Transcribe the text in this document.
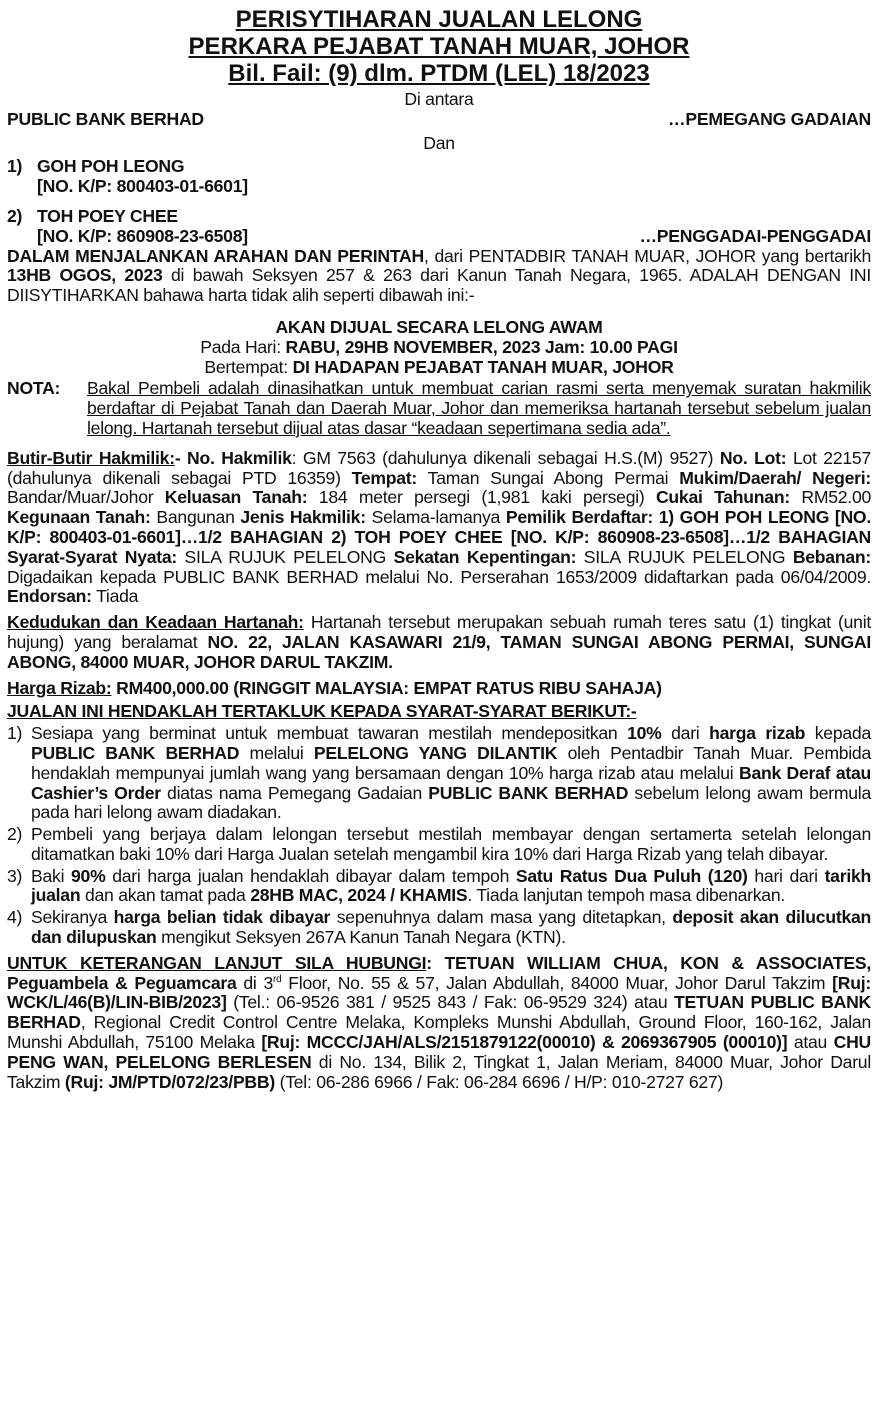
PERISYTIHARAN JUALAN LELONG
PERKARA PEJABAT TANAH MUAR, JOHOR
Bil. Fail: (9) dlm. PTDM (LEL) 18/2023
Di antara
PUBLIC BANK BERHAD	…PEMEGANG GADAIAN
Dan
1) GOH POH LEONG
[NO. K/P: 800403-01-6601]
2) TOH POEY CHEE
[NO. K/P: 860908-23-6508]	…PENGGADAI-PENGGADAI
DALAM MENJALANKAN ARAHAN DAN PERINTAH, dari PENTADBIR TANAH MUAR, JOHOR yang bertarikh 13HB OGOS, 2023 di bawah Seksyen 257 & 263 dari Kanun Tanah Negara, 1965. ADALAH DENGAN INI DIISYTIHARKAN bahawa harta tidak alih seperti dibawah ini:-
AKAN DIJUAL SECARA LELONG AWAM
Pada Hari: RABU, 29HB NOVEMBER, 2023 Jam: 10.00 PAGI
Bertempat: DI HADAPAN PEJABAT TANAH MUAR, JOHOR
NOTA:	Bakal Pembeli adalah dinasihatkan untuk membuat carian rasmi serta menyemak suratan hakmilik berdaftar di Pejabat Tanah dan Daerah Muar, Johor dan memeriksa hartanah tersebut sebelum jualan lelong. Hartanah tersebut dijual atas dasar “keadaan sepertimana sedia ada”.
Butir-Butir Hakmilik:- No. Hakmilik: GM 7563 (dahulunya dikenali sebagai H.S.(M) 9527) No. Lot: Lot 22157 (dahulunya dikenali sebagai PTD 16359) Tempat: Taman Sungai Abong Permai Mukim/Daerah/ Negeri: Bandar/Muar/Johor Keluasan Tanah: 184 meter persegi (1,981 kaki persegi) Cukai Tahunan: RM52.00 Kegunaan Tanah: Bangunan Jenis Hakmilik: Selama-lamanya Pemilik Berdaftar: 1) GOH POH LEONG [NO. K/P: 800403-01-6601]…1/2 BAHAGIAN 2) TOH POEY CHEE [NO. K/P: 860908-23-6508]…1/2 BAHAGIAN Syarat-Syarat Nyata: SILA RUJUK PELELONG Sekatan Kepentingan: SILA RUJUK PELELONG Bebanan: Digadaikan kepada PUBLIC BANK BERHAD melalui No. Perserahan 1653/2009 didaftarkan pada 06/04/2009. Endorsan: Tiada
Kedudukan dan Keadaan Hartanah: Hartanah tersebut merupakan sebuah rumah teres satu (1) tingkat (unit hujung) yang beralamat NO. 22, JALAN KASAWARI 21/9, TAMAN SUNGAI ABONG PERMAI, SUNGAI ABONG, 84000 MUAR, JOHOR DARUL TAKZIM.
Harga Rizab: RM400,000.00 (RINGGIT MALAYSIA: EMPAT RATUS RIBU SAHAJA)
JUALAN INI HENDAKLAH TERTAKLUK KEPADA SYARAT-SYARAT BERIKUT:-
1) Sesiapa yang berminat untuk membuat tawaran mestilah mendepositkan 10% dari harga rizab kepada PUBLIC BANK BERHAD melalui PELELONG YANG DILANTIK oleh Pentadbir Tanah Muar. Pembida hendaklah mempunyai jumlah wang yang bersamaan dengan 10% harga rizab atau melalui Bank Deraf atau Cashier’s Order diatas nama Pemegang Gadaian PUBLIC BANK BERHAD sebelum lelong awam bermula pada hari lelong awam diadakan.
2) Pembeli yang berjaya dalam lelongan tersebut mestilah membayar dengan sertamerta setelah lelongan ditamatkan baki 10% dari Harga Jualan setelah mengambil kira 10% dari Harga Rizab yang telah dibayar.
3) Baki 90% dari harga jualan hendaklah dibayar dalam tempoh Satu Ratus Dua Puluh (120) hari dari tarikh jualan dan akan tamat pada 28HB MAC, 2024 / KHAMIS. Tiada lanjutan tempoh masa dibenarkan.
4) Sekiranya harga belian tidak dibayar sepenuhnya dalam masa yang ditetapkan, deposit akan dilucutkan dan dilupuskan mengikut Seksyen 267A Kanun Tanah Negara (KTN).
UNTUK KETERANGAN LANJUT SILA HUBUNGI: TETUAN WILLIAM CHUA, KON & ASSOCIATES, Peguambela & Peguamcara di 3rd Floor, No. 55 & 57, Jalan Abdullah, 84000 Muar, Johor Darul Takzim [Ruj: WCK/L/46(B)/LIN-BIB/2023] (Tel.: 06-9526 381 / 9525 843 / Fak: 06-9529 324) atau TETUAN PUBLIC BANK BERHAD, Regional Credit Control Centre Melaka, Kompleks Munshi Abdullah, Ground Floor, 160-162, Jalan Munshi Abdullah, 75100 Melaka [Ruj: MCCC/JAH/ALS/2151879122(00010) & 2069367905 (00010)] atau CHU PENG WAN, PELELONG BERLESEN di No. 134, Bilik 2, Tingkat 1, Jalan Meriam, 84000 Muar, Johor Darul Takzim (Ruj: JM/PTD/072/23/PBB) (Tel: 06-286 6966 / Fak: 06-284 6696 / H/P: 010-2727 627)
